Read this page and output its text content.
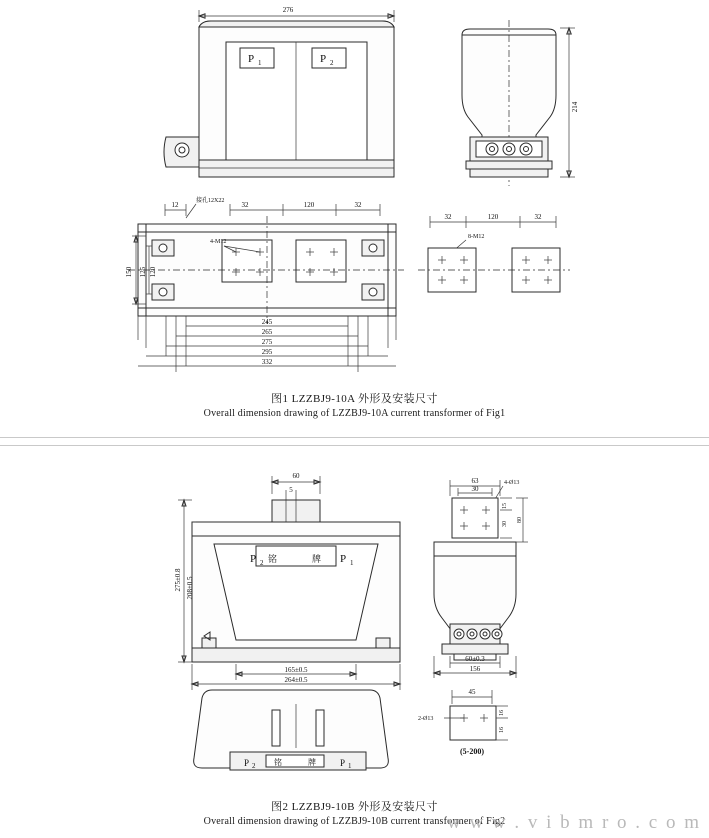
276
P 1	P 2
214
接孔12X22
12	32	120	32
4-M12
150 125 120
245
265
275
295
332
32	120	32
8-M12
图1 LZZBJ9-10A 外形及安装尺寸
Overall dimension drawing of LZZBJ9-10A current transformer of Fig1
60
5
P 2 铭	牌 P 1
275±0.8 208±0.5
165±0.5
264±0.5
63
30
4-Ø13
15
30
60±0.3
156
80
P 2 铭	牌	P 1
45
2-Ø13
16
16
(5-200)
图2 LZZBJ9-10B 外形及安装尺寸
Overall dimension drawing of LZZBJ9-10B current transformer of Fig2
w w w . v i b m r o . c o m
